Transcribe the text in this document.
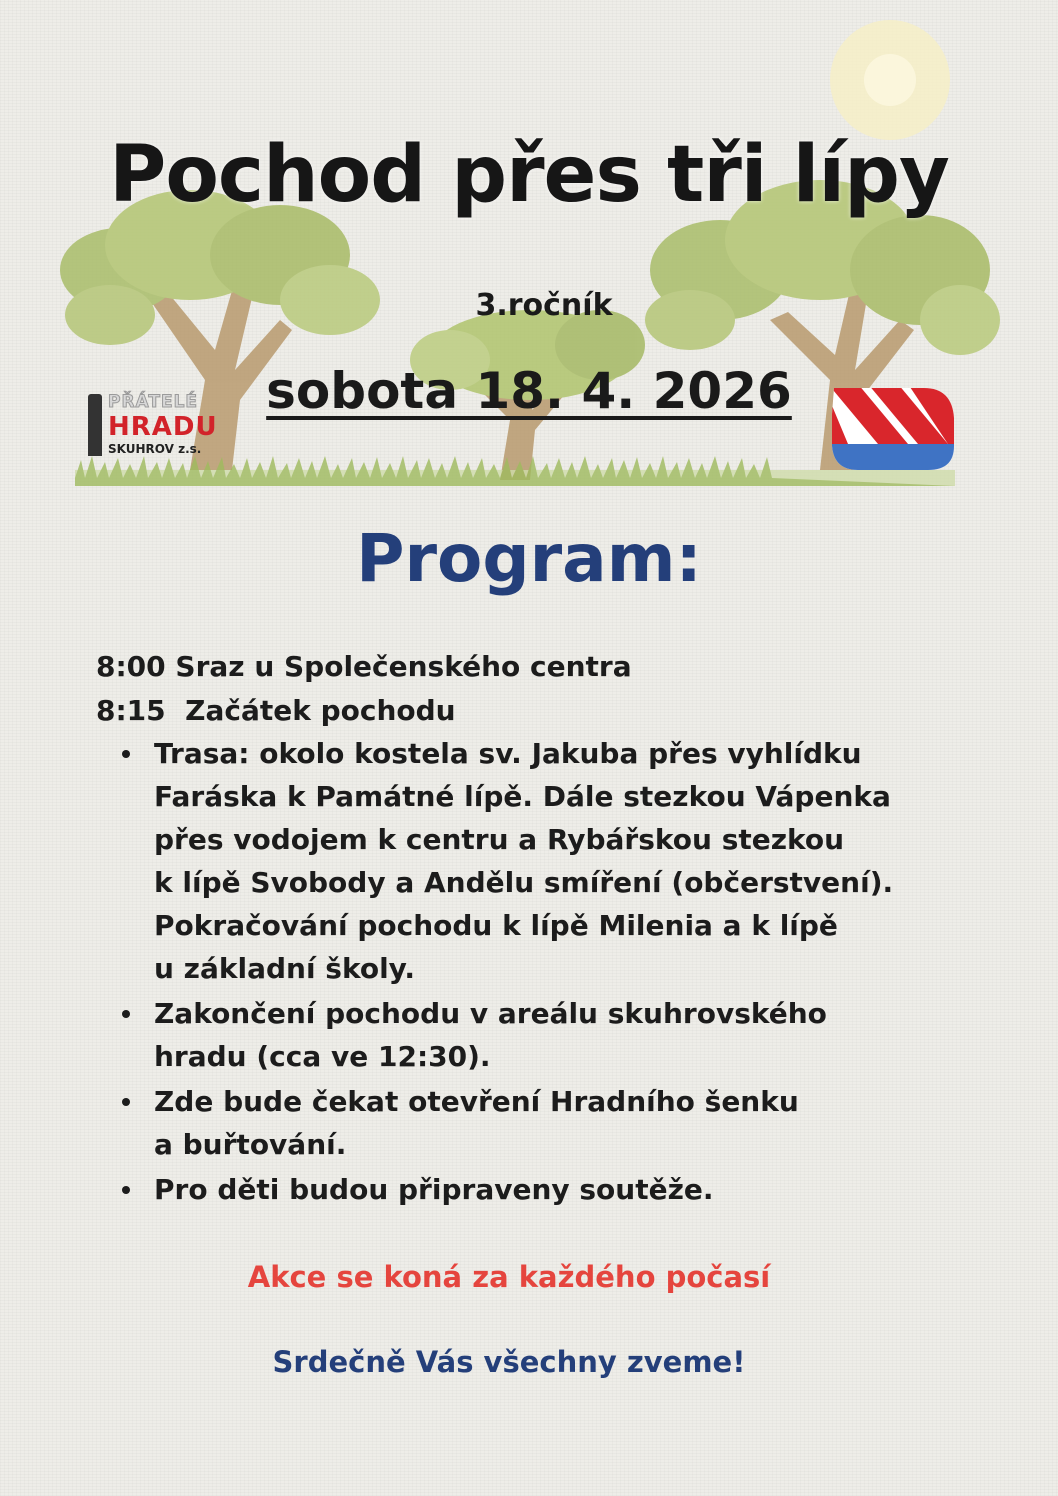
Pochod přes tři lípy
3.ročník
sobota 18. 4. 2026
PŘÁTELÉ
HRADU
SKUHROV z.s.
Program:
8:00 Sraz u Společenského centra
8:15 Začátek pochodu
Trasa: okolo kostela sv. Jakuba přes vyhlídku
Faráska k Památné lípě. Dále stezkou Vápenka
přes vodojem k centru a Rybářskou stezkou
k lípě Svobody a Andělu smíření (občerstvení).
Pokračování pochodu k lípě Milenia a k lípě
u základní školy.
Zakončení pochodu v areálu skuhrovského
hradu (cca ve 12:30).
Zde bude čekat otevření Hradního šenku
a buřtování.
Pro děti budou připraveny soutěže.
Akce se koná za každého počasí
Srdečně Vás všechny zveme!
